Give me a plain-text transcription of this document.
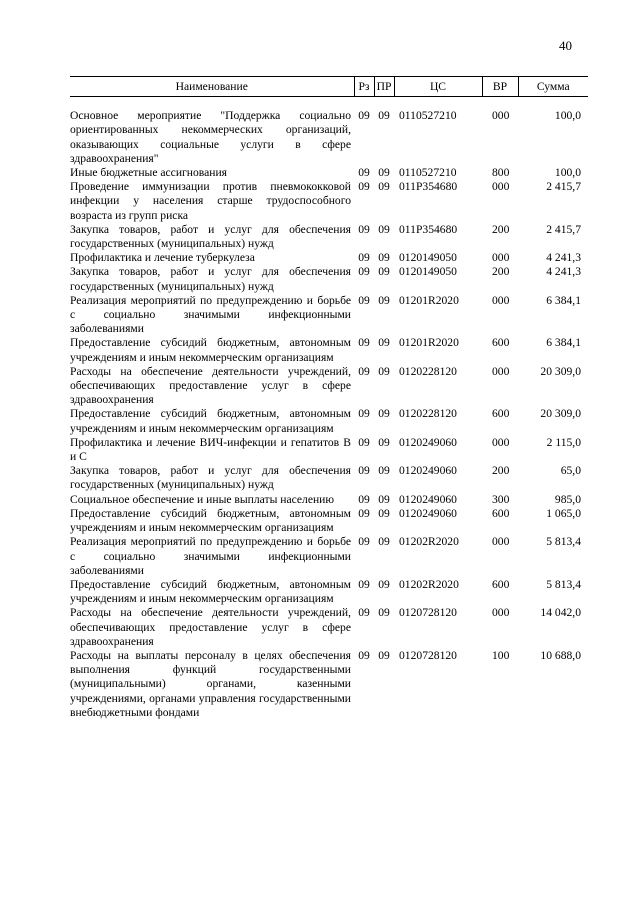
40
Наименование	Рз	ПР	ЦС	ВР	Сумма
Основное мероприятие "Поддержка социально ориентированных некоммерческих организаций, оказывающих социальные услуги в сфере здравоохранения"	09	09	0110527210	000	100,0
Иные бюджетные ассигнования	09	09	0110527210	800	100,0
Проведение иммунизации против пневмококковой инфекции у населения старше трудоспособного возраста из групп риска	09	09	011P354680	000	2 415,7
Закупка товаров, работ и услуг для обеспечения государственных (муниципальных) нужд	09	09	011P354680	200	2 415,7
Профилактика и лечение туберкулеза	09	09	0120149050	000	4 241,3
Закупка товаров, работ и услуг для обеспечения государственных (муниципальных) нужд	09	09	0120149050	200	4 241,3
Реализация мероприятий по предупреждению и борьбе с социально значимыми инфекционными заболеваниями	09	09	01201R2020	000	6 384,1
Предоставление субсидий бюджетным, автономным учреждениям и иным некоммерческим организациям	09	09	01201R2020	600	6 384,1
Расходы на обеспечение деятельности учреждений, обеспечивающих предоставление услуг в сфере здравоохранения	09	09	0120228120	000	20 309,0
Предоставление субсидий бюджетным, автономным учреждениям и иным некоммерческим организациям	09	09	0120228120	600	20 309,0
Профилактика и лечение ВИЧ-инфекции и гепатитов В и С	09	09	0120249060	000	2 115,0
Закупка товаров, работ и услуг для обеспечения государственных (муниципальных) нужд	09	09	0120249060	200	65,0
Социальное обеспечение и иные выплаты населению	09	09	0120249060	300	985,0
Предоставление субсидий бюджетным, автономным учреждениям и иным некоммерческим организациям	09	09	0120249060	600	1 065,0
Реализация мероприятий по предупреждению и борьбе с социально значимыми инфекционными заболеваниями	09	09	01202R2020	000	5 813,4
Предоставление субсидий бюджетным, автономным учреждениям и иным некоммерческим организациям	09	09	01202R2020	600	5 813,4
Расходы на обеспечение деятельности учреждений, обеспечивающих предоставление услуг в сфере здравоохранения	09	09	0120728120	000	14 042,0
Расходы на выплаты персоналу в целях обеспечения выполнения функций государственными (муниципальными) органами, казенными учреждениями, органами управления государственными внебюджетными фондами	09	09	0120728120	100	10 688,0
